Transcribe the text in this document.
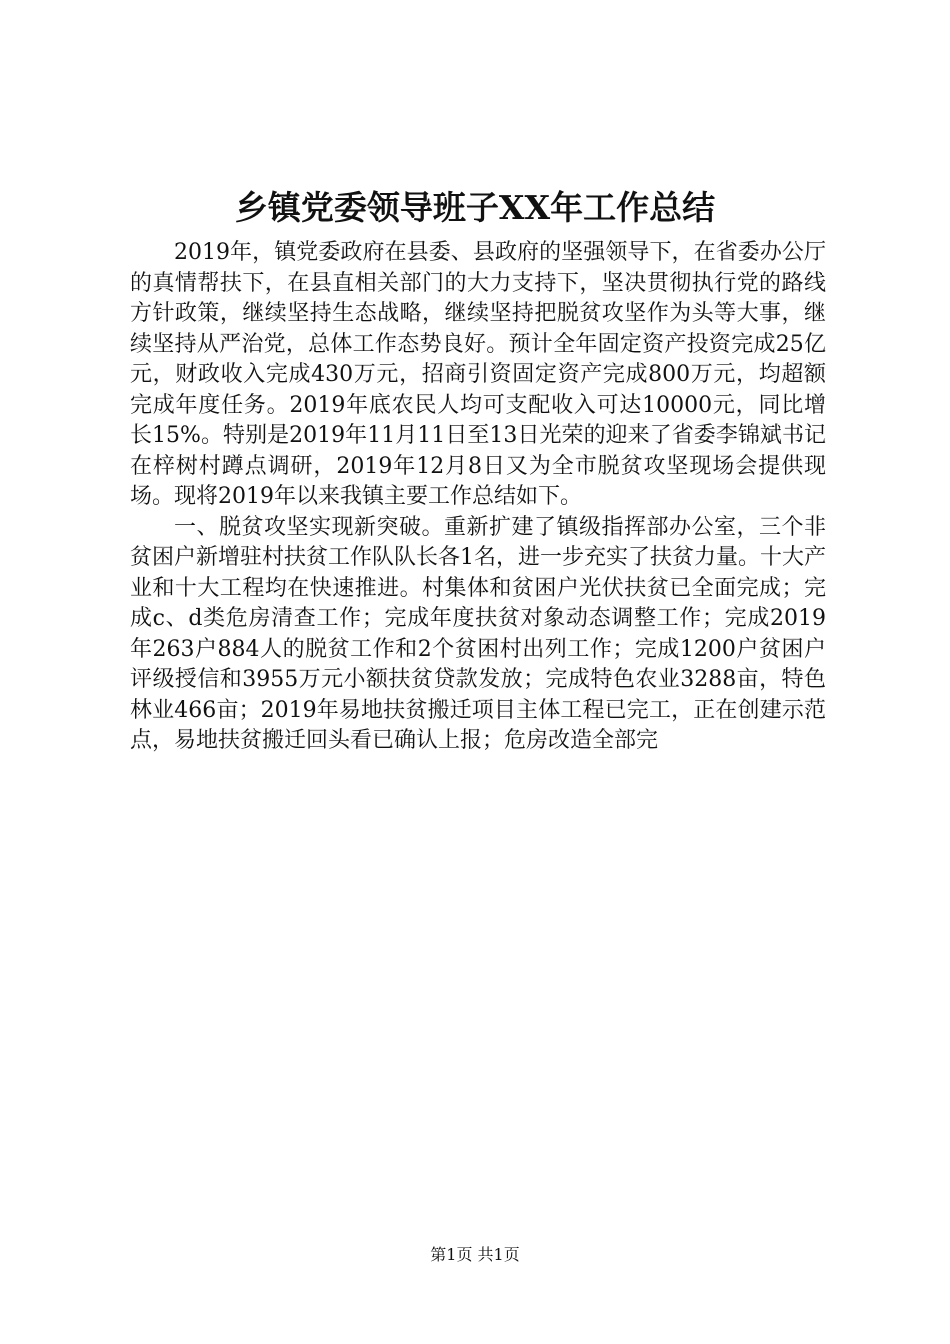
乡镇党委领导班子XX年工作总结

2019年，镇党委政府在县委、县政府的坚强领导下，在省委办公厅的真情帮扶下，在县直相关部门的大力支持下，坚决贯彻执行党的路线方针政策，继续坚持生态战略，继续坚持把脱贫攻坚作为头等大事，继续坚持从严治党，总体工作态势良好。预计全年固定资产投资完成25亿元，财政收入完成430万元，招商引资固定资产完成800万元，均超额完成年度任务。2019年底农民人均可支配收入可达10000元，同比增长15%。特别是2019年11月11日至13日光荣的迎来了省委李锦斌书记在梓树村蹲点调研，2019年12月8日又为全市脱贫攻坚现场会提供现场。现将2019年以来我镇主要工作总结如下。

一、脱贫攻坚实现新突破。重新扩建了镇级指挥部办公室，三个非贫困户新增驻村扶贫工作队队长各1名，进一步充实了扶贫力量。十大产业和十大工程均在快速推进。村集体和贫困户光伏扶贫已全面完成；完成c、d类危房清查工作；完成年度扶贫对象动态调整工作；完成2019年263户884人的脱贫工作和2个贫困村出列工作；完成1200户贫困户评级授信和3955万元小额扶贫贷款发放；完成特色农业3288亩，特色林业466亩；2019年易地扶贫搬迁项目主体工程已完工，正在创建示范点，易地扶贫搬迁回头看已确认上报；危房改造全部完

第1页 共1页
